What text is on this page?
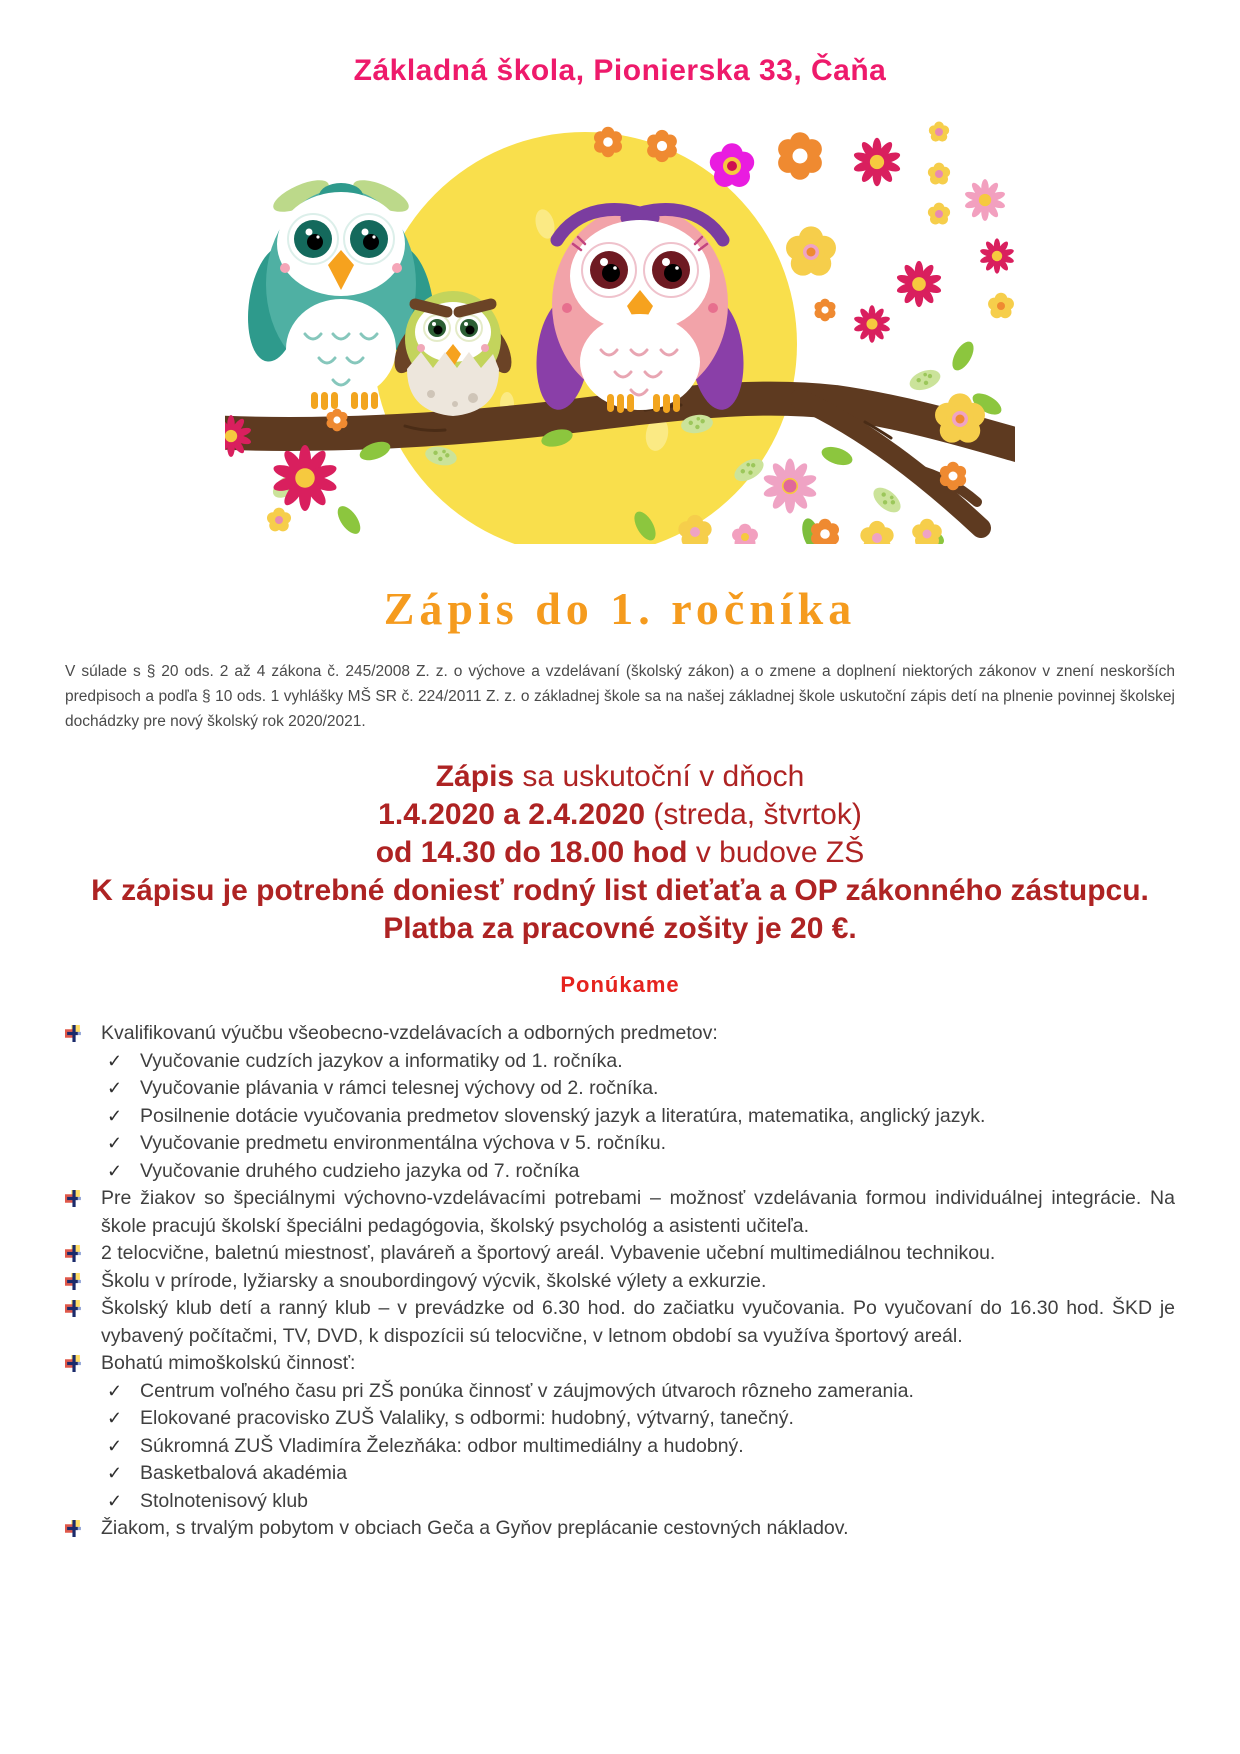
Základná škola, Pionierska 33, Čaňa
Zápis do 1. ročníka
V súlade s § 20 ods. 2 až 4 zákona č. 245/2008 Z. z. o výchove a vzdelávaní (školský zákon) a o zmene a doplnení niektorých zákonov v znení neskorších predpisoch a podľa § 10 ods. 1 vyhlášky MŠ SR č. 224/2011 Z. z. o základnej škole sa na našej základnej škole uskutoční zápis detí na plnenie povinnej školskej dochádzky pre nový školský rok 2020/2021.
Zápis sa uskutoční v dňoch
1.4.2020 a 2.4.2020 (streda, štvrtok)
od 14.30 do 18.00 hod v budove ZŠ
K zápisu je potrebné doniesť rodný list dieťaťa a OP zákonného zástupcu.
Platba za pracovné zošity je 20 €.
Ponúkame
Kvalifikovanú výučbu všeobecno-vzdelávacích a odborných predmetov:
✓ Vyučovanie cudzích jazykov a informatiky od 1. ročníka.
✓ Vyučovanie plávania v rámci telesnej výchovy od 2. ročníka.
✓ Posilnenie dotácie vyučovania predmetov slovenský jazyk a literatúra, matematika, anglický jazyk.
✓ Vyučovanie predmetu environmentálna výchova v 5. ročníku.
✓ Vyučovanie druhého cudzieho jazyka od 7. ročníka
Pre žiakov so špeciálnymi výchovno-vzdelávacími potrebami – možnosť vzdelávania formou individuálnej integrácie. Na škole pracujú školskí špeciálni pedagógovia, školský psychológ a asistenti učiteľa.
2 telocvične, baletnú miestnosť, plaváreň a športový areál. Vybavenie učební multimediálnou technikou.
Školu v prírode, lyžiarsky a snoubordingový výcvik, školské výlety a exkurzie.
Školský klub detí a ranný klub – v prevádzke od 6.30 hod. do začiatku vyučovania. Po vyučovaní do 16.30 hod. ŠKD je vybavený počítačmi, TV, DVD, k dispozícii sú telocvične, v letnom období sa využíva športový areál.
Bohatú mimoškolskú činnosť:
✓ Centrum voľného času pri ZŠ ponúka činnosť v záujmových útvaroch rôzneho zamerania.
✓ Elokované pracovisko ZUŠ Valaliky, s odbormi: hudobný, výtvarný, tanečný.
✓ Súkromná ZUŠ Vladimíra Železňáka: odbor multimediálny a hudobný.
✓ Basketbalová akadémia
✓ Stolnotenisový klub
Žiakom, s trvalým pobytom v obciach Geča a Gyňov preplácanie cestovných nákladov.
